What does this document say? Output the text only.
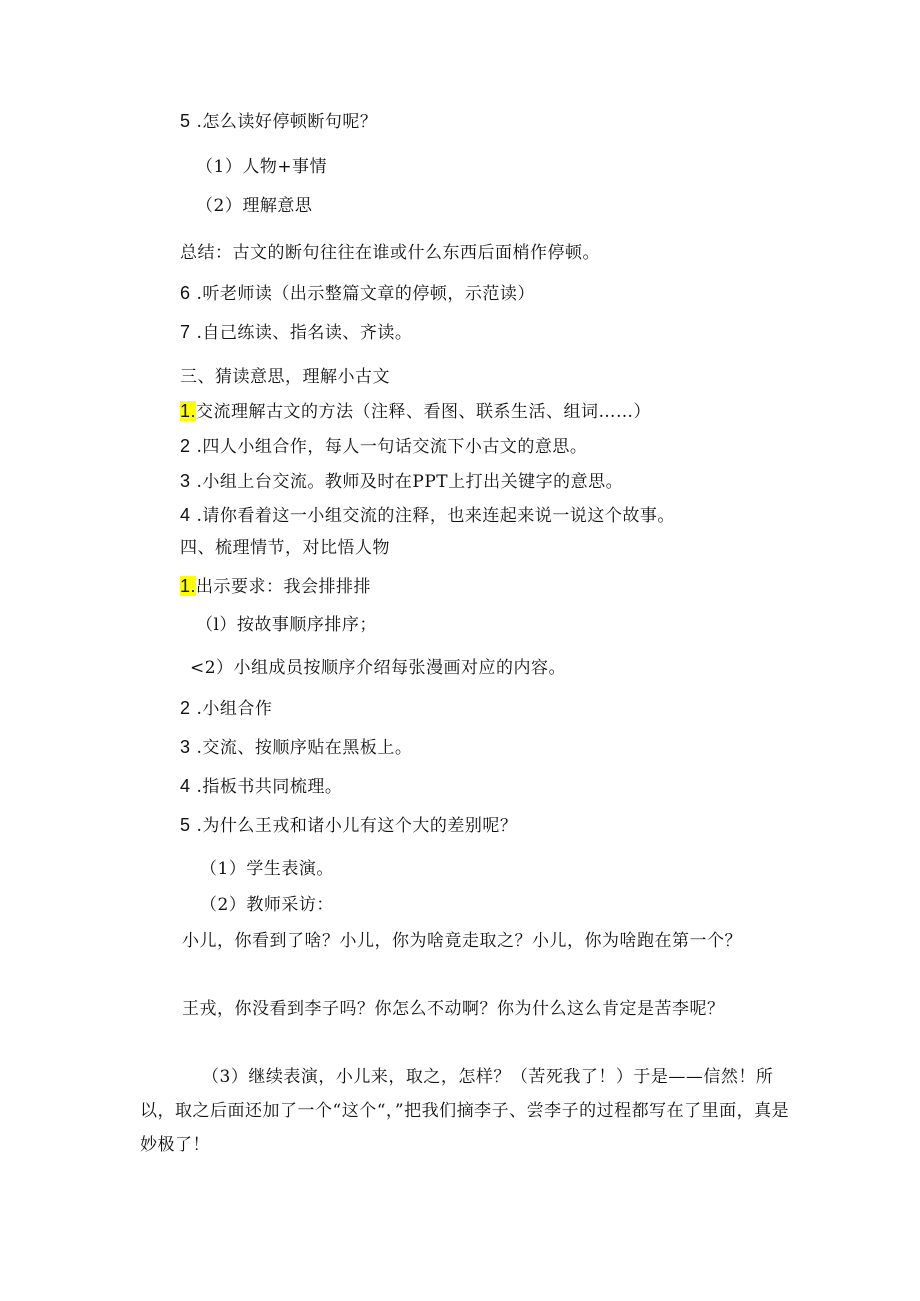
5 .怎么读好停顿断句呢？
（1）人物+事情
（2）理解意思
总结：古文的断句往往在谁或什么东西后面梢作停顿。
6 .听老师读（出示整篇文章的停顿，示范读）
7 .自己练读、指名读、齐读。
三、猜读意思，理解小古文
1.交流理解古文的方法（注释、看图、联系生活、组词……）
2 .四人小组合作，每人一句话交流下小古文的意思。
3 .小组上台交流。教师及时在PPT上打出关键字的意思。
4 .请你看着这一小组交流的注释，也来连起来说一说这个故事。
四、梳理情节，对比悟人物
1.出示要求：我会排排排
（l）按故事顺序排序；
<2）小组成员按顺序介绍每张漫画对应的内容。
2 .小组合作
3 .交流、按顺序贴在黑板上。
4 .指板书共同梳理。
5 .为什么王戎和诸小儿有这个大的差别呢？
（1）学生表演。
（2）教师采访：
小儿，你看到了啥？小儿，你为啥竟走取之？小儿，你为啥跑在第一个？
王戎，你没看到李子吗？你怎么不动啊？你为什么这么肯定是苦李呢？
（3）继续表演，小儿来，取之，怎样？（苦死我了！）于是——信然！所以，取之后面还加了一个“这个“，”把我们摘李子、尝李子的过程都写在了里面，真是妙极了！
